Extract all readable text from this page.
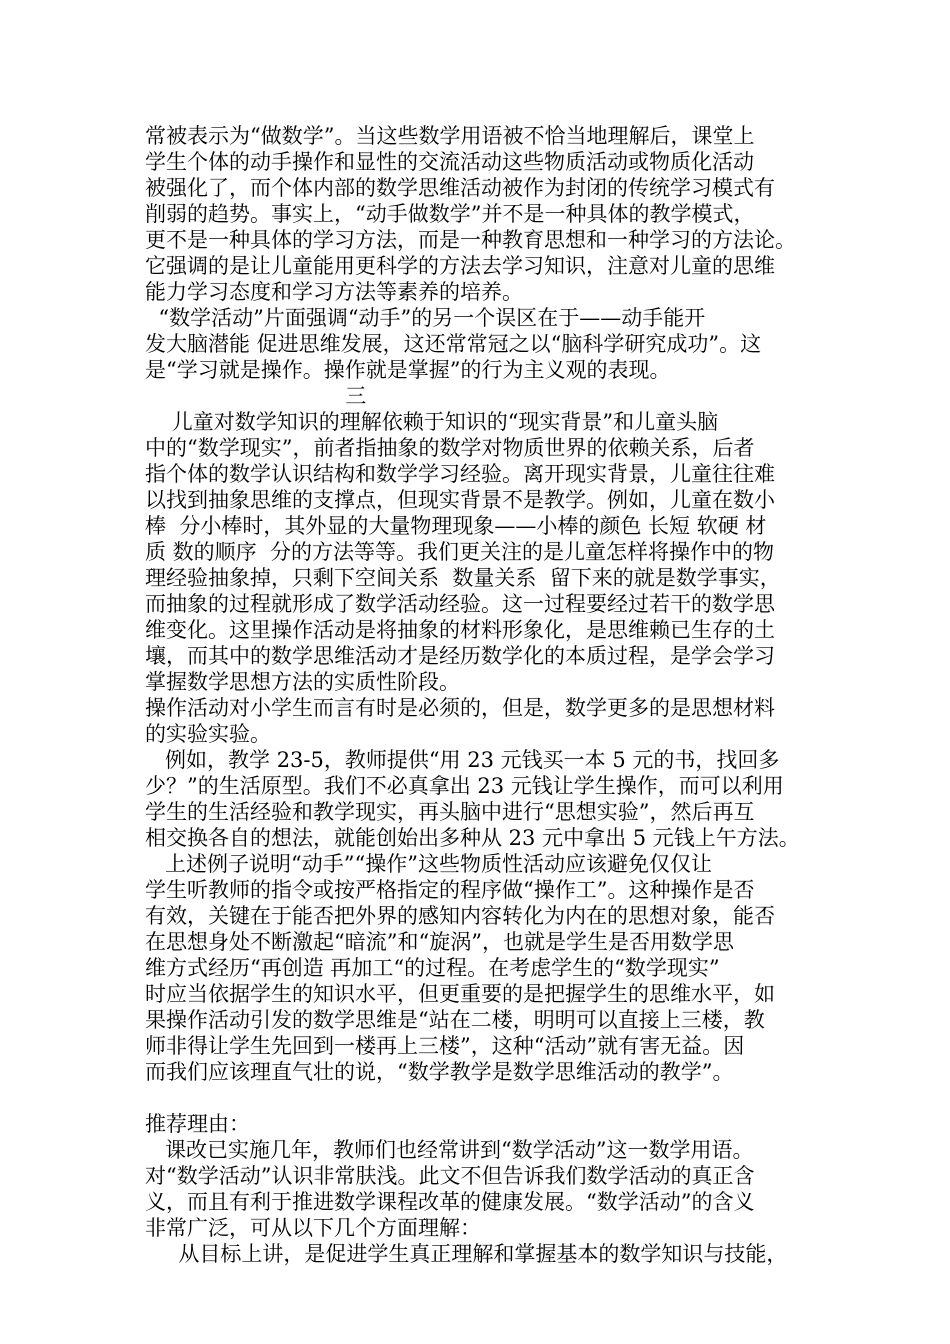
常被表示为“做数学”。当这些数学用语被不恰当地理解后，课堂上
学生个体的动手操作和显性的交流活动这些物质活动或物质化活动
被强化了，而个体内部的数学思维活动被作为封闭的传统学习模式有
削弱的趋势。事实上，“动手做数学”并不是一种具体的教学模式，
更不是一种具体的学习方法，而是一种教育思想和一种学习的方法论。
它强调的是让儿童能用更科学的方法去学习知识，注意对儿童的思维
能力学习态度和学习方法等素养的培养。
“数学活动”片面强调“动手”的另一个误区在于——动手能开
发大脑潜能 促进思维发展，这还常常冠之以“脑科学研究成功”。这
是“学习就是操作。操作就是掌握”的行为主义观的表现。
三
儿童对数学知识的理解依赖于知识的“现实背景”和儿童头脑
中的“数学现实”，前者指抽象的数学对物质世界的依赖关系，后者
指个体的数学认识结构和数学学习经验。离开现实背景，儿童往往难
以找到抽象思维的支撑点，但现实背景不是教学。例如，儿童在数小
棒  分小棒时，其外显的大量物理现象——小棒的颜色 长短 软硬 材
质 数的顺序  分的方法等等。我们更关注的是儿童怎样将操作中的物
理经验抽象掉，只剩下空间关系  数量关系  留下来的就是数学事实，
而抽象的过程就形成了数学活动经验。这一过程要经过若干的数学思
维变化。这里操作活动是将抽象的材料形象化，是思维赖已生存的土
壤，而其中的数学思维活动才是经历数学化的本质过程，是学会学习
掌握数学思想方法的实质性阶段。
操作活动对小学生而言有时是必须的，但是，数学更多的是思想材料
的实验实验。
例如，教学 23-5，教师提供“用 23 元钱买一本 5 元的书，找回多
少？”的生活原型。我们不必真拿出 23 元钱让学生操作，而可以利用
学生的生活经验和教学现实，再头脑中进行“思想实验”，然后再互
相交换各自的想法，就能创始出多种从 23 元中拿出 5 元钱上午方法。
上述例子说明“动手”“操作”这些物质性活动应该避免仅仅让
学生听教师的指令或按严格指定的程序做“操作工”。这种操作是否
有效，关键在于能否把外界的感知内容转化为内在的思想对象，能否
在思想身处不断激起“暗流”和“旋涡”，也就是学生是否用数学思
维方式经历“再创造 再加工“的过程。在考虑学生的“数学现实”
时应当依据学生的知识水平，但更重要的是把握学生的思维水平，如
果操作活动引发的数学思维是“站在二楼，明明可以直接上三楼，教
师非得让学生先回到一楼再上三楼”，这种“活动”就有害无益。因
而我们应该理直气壮的说，“数学教学是数学思维活动的教学”。
推荐理由：
课改已实施几年，教师们也经常讲到“数学活动”这一数学用语。
对“数学活动”认识非常肤浅。此文不但告诉我们数学活动的真正含
义，而且有利于推进数学课程改革的健康发展。“数学活动”的含义
非常广泛，可从以下几个方面理解：
从目标上讲，是促进学生真正理解和掌握基本的数学知识与技能，
